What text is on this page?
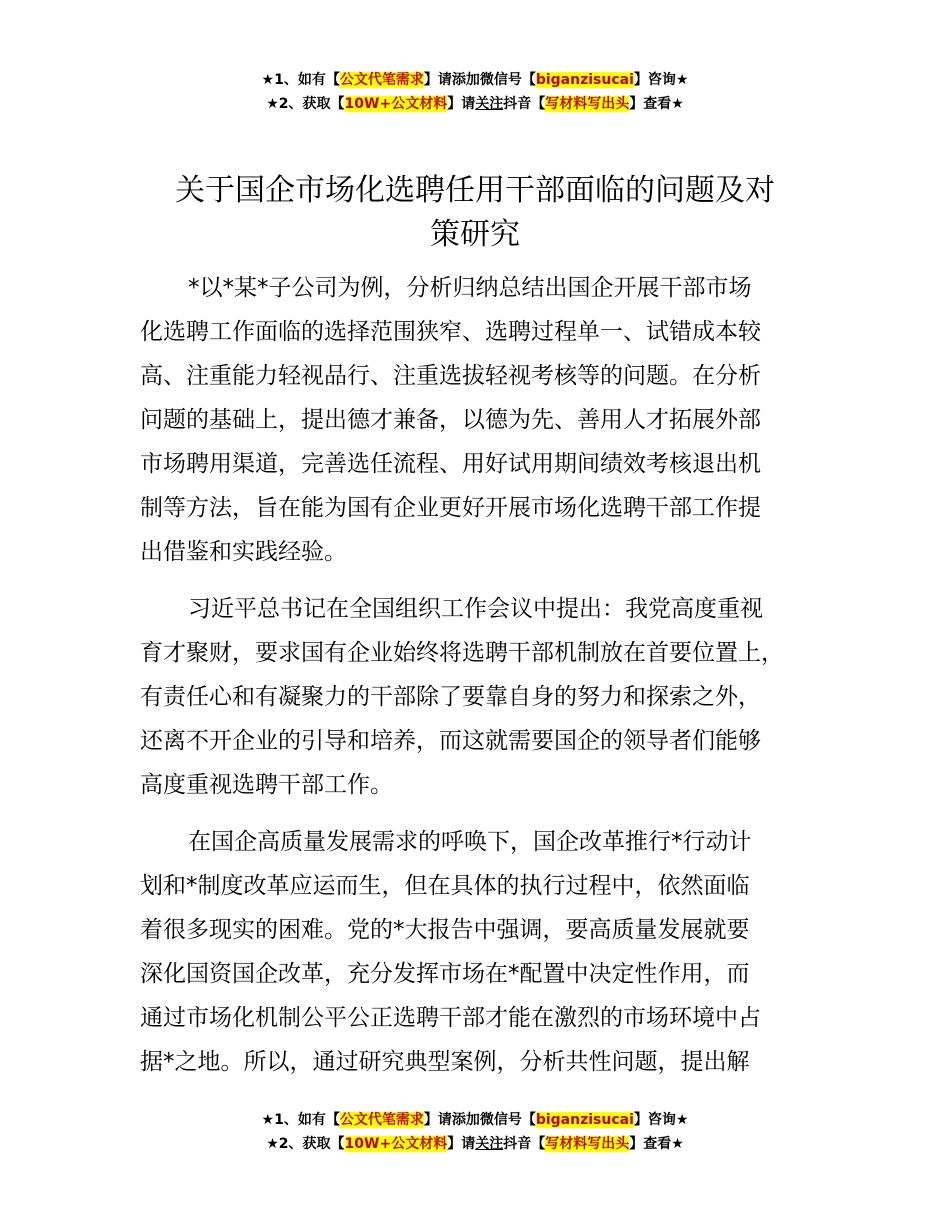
★1、如有【公文代笔需求】请添加微信号【biganzisucai】咨询★
★2、获取【10W+公文材料】请关注抖音【写材料写出头】查看★
关于国企市场化选聘任用干部面临的问题及对
策研究

*以*某*子公司为例，分析归纳总结出国企开展干部市场
化选聘工作面临的选择范围狭窄、选聘过程单一、试错成本较
高、注重能力轻视品行、注重选拔轻视考核等的问题。在分析
问题的基础上，提出德才兼备，以德为先、善用人才拓展外部
市场聘用渠道，完善选任流程、用好试用期间绩效考核退出机
制等方法，旨在能为国有企业更好开展市场化选聘干部工作提
出借鉴和实践经验。

习近平总书记在全国组织工作会议中提出：我党高度重视
育才聚财，要求国有企业始终将选聘干部机制放在首要位置上，
有责任心和有凝聚力的干部除了要靠自身的努力和探索之外，
还离不开企业的引导和培养，而这就需要国企的领导者们能够
高度重视选聘干部工作。

在国企高质量发展需求的呼唤下，国企改革推行*行动计
划和*制度改革应运而生，但在具体的执行过程中，依然面临
着很多现实的困难。党的*大报告中强调，要高质量发展就要
深化国资国企改革，充分发挥市场在*配置中决定性作用，而
通过市场化机制公平公正选聘干部才能在激烈的市场环境中占
据*之地。所以，通过研究典型案例，分析共性问题，提出解

★1、如有【公文代笔需求】请添加微信号【biganzisucai】咨询★
★2、获取【10W+公文材料】请关注抖音【写材料写出头】查看★
